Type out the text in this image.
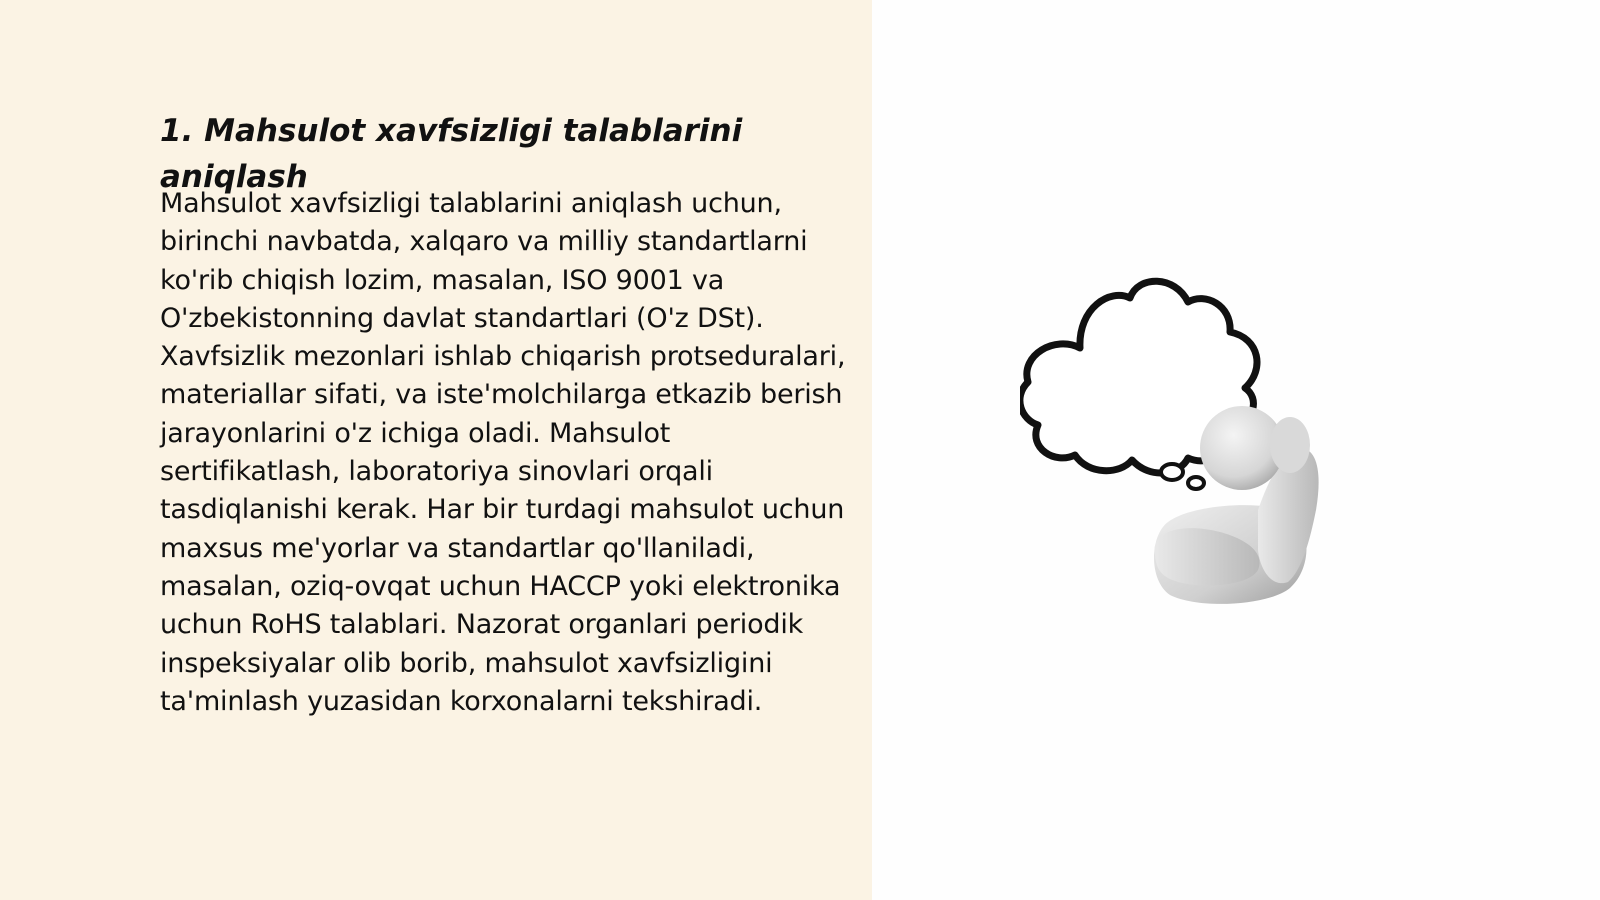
1. Mahsulot xavfsizligi talablarini aniqlash

Mahsulot xavfsizligi talablarini aniqlash uchun, birinchi navbatda, xalqaro va milliy standartlarni ko'rib chiqish lozim, masalan, ISO 9001 va O'zbekistonning davlat standartlari (O'z DSt). Xavfsizlik mezonlari ishlab chiqarish protseduralari, materiallar sifati, va iste'molchilarga etkazib berish jarayonlarini o'z ichiga oladi. Mahsulot sertifikatlash, laboratoriya sinovlari orqali tasdiqlanishi kerak. Har bir turdagi mahsulot uchun maxsus me'yorlar va standartlar qo'llaniladi, masalan, oziq-ovqat uchun HACCP yoki elektronika uchun RoHS talablari. Nazorat organlari periodik inspeksiyalar olib borib, mahsulot xavfsizligini ta'minlash yuzasidan korxonalarni tekshiradi.
